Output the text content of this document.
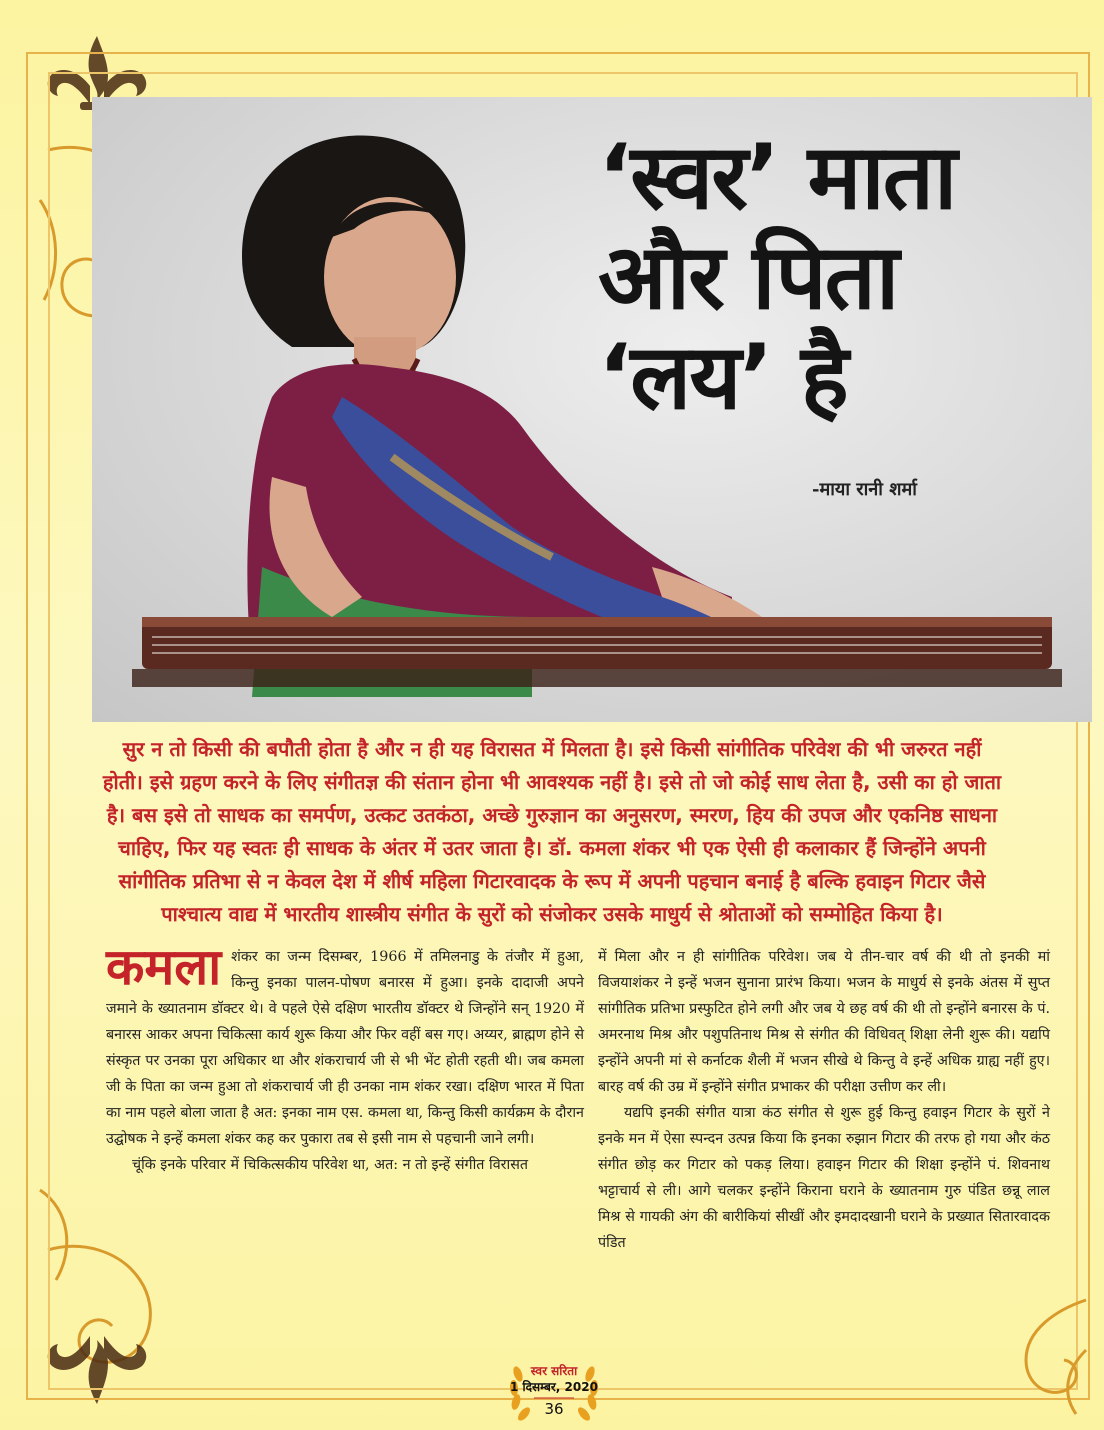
‘स्वर’ माता
और पिता
‘लय’ है
-माया रानी शर्मा

सुर न तो किसी की बपौती होता है और न ही यह विरासत में मिलता है। इसे किसी सांगीतिक परिवेश की भी जरुरत नहीं होती। इसे ग्रहण करने के लिए संगीतज्ञ की संतान होना भी आवश्यक नहीं है। इसे तो जो कोई साध लेता है, उसी का हो जाता है। बस इसे तो साधक का समर्पण, उत्कट उतकंठा, अच्छे गुरुज्ञान का अनुसरण, स्मरण, हिय की उपज और एकनिष्ठ साधना चाहिए, फिर यह स्वतः ही साधक के अंतर में उतर जाता है। डॉ. कमला शंकर भी एक ऐसी ही कलाकार हैं जिन्होंने अपनी सांगीतिक प्रतिभा से न केवल देश में शीर्ष महिला गिटारवादक के रूप में अपनी पहचान बनाई है बल्कि हवाइन गिटार जैसे पाश्चात्य वाद्य में भारतीय शास्त्रीय संगीत के सुरों को संजोकर उसके माधुर्य से श्रोताओं को सम्मोहित किया है।

कमला शंकर का जन्म दिसम्बर, 1966 में तमिलनाडु के तंजौर में हुआ, किन्तु इनका पालन-पोषण बनारस में हुआ। इनके दादाजी अपने जमाने के ख्यातनाम डॉक्टर थे। वे पहले ऐसे दक्षिण भारतीय डॉक्टर थे जिन्होंने सन् 1920 में बनारस आकर अपना चिकित्सा कार्य शुरू किया और फिर वहीं बस गए। अय्यर, ब्राह्मण होने से संस्कृत पर उनका पूरा अधिकार था और शंकराचार्य जी से भी भेंट होती रहती थी। जब कमला जी के पिता का जन्म हुआ तो शंकराचार्य जी ही उनका नाम शंकर रखा। दक्षिण भारत में पिता का नाम पहले बोला जाता है अत: इनका नाम एस. कमला था, किन्तु किसी कार्यक्रम के दौरान उद्घोषक ने इन्हें कमला शंकर कह कर पुकारा तब से इसी नाम से पहचानी जाने लगी।

चूंकि इनके परिवार में चिकित्सकीय परिवेश था, अत: न तो इन्हें संगीत विरासत

में मिला और न ही सांगीतिक परिवेश। जब ये तीन-चार वर्ष की थी तो इनकी मां विजयाशंकर ने इन्हें भजन सुनाना प्रारंभ किया। भजन के माधुर्य से इनके अंतस में सुप्त सांगीतिक प्रतिभा प्रस्फुटित होने लगी और जब ये छह वर्ष की थी तो इन्होंने बनारस के पं. अमरनाथ मिश्र और पशुपतिनाथ मिश्र से संगीत की विधिवत् शिक्षा लेनी शुरू की। यद्यपि इन्होंने अपनी मां से कर्नाटक शैली में भजन सीखे थे किन्तु वे इन्हें अधिक ग्राह्य नहीं हुए। बारह वर्ष की उम्र में इन्होंने संगीत प्रभाकर की परीक्षा उत्तीण कर ली।

यद्यपि इनकी संगीत यात्रा कंठ संगीत से शुरू हुई किन्तु हवाइन गिटार के सुरों ने इनके मन में ऐसा स्पन्दन उत्पन्न किया कि इनका रुझान गिटार की तरफ हो गया और कंठ संगीत छोड़ कर गिटार को पकड़ लिया। हवाइन गिटार की शिक्षा इन्होंने पं. शिवनाथ भट्टाचार्य से ली। आगे चलकर इन्होंने किराना घराने के ख्यातनाम गुरु पंडित छन्नू लाल मिश्र से गायकी अंग की बारीकियां सीखीं और इमदादखानी घराने के प्रख्यात सितारवादक पंडित

स्वर सरिता
1 दिसम्बर, 2020
36
